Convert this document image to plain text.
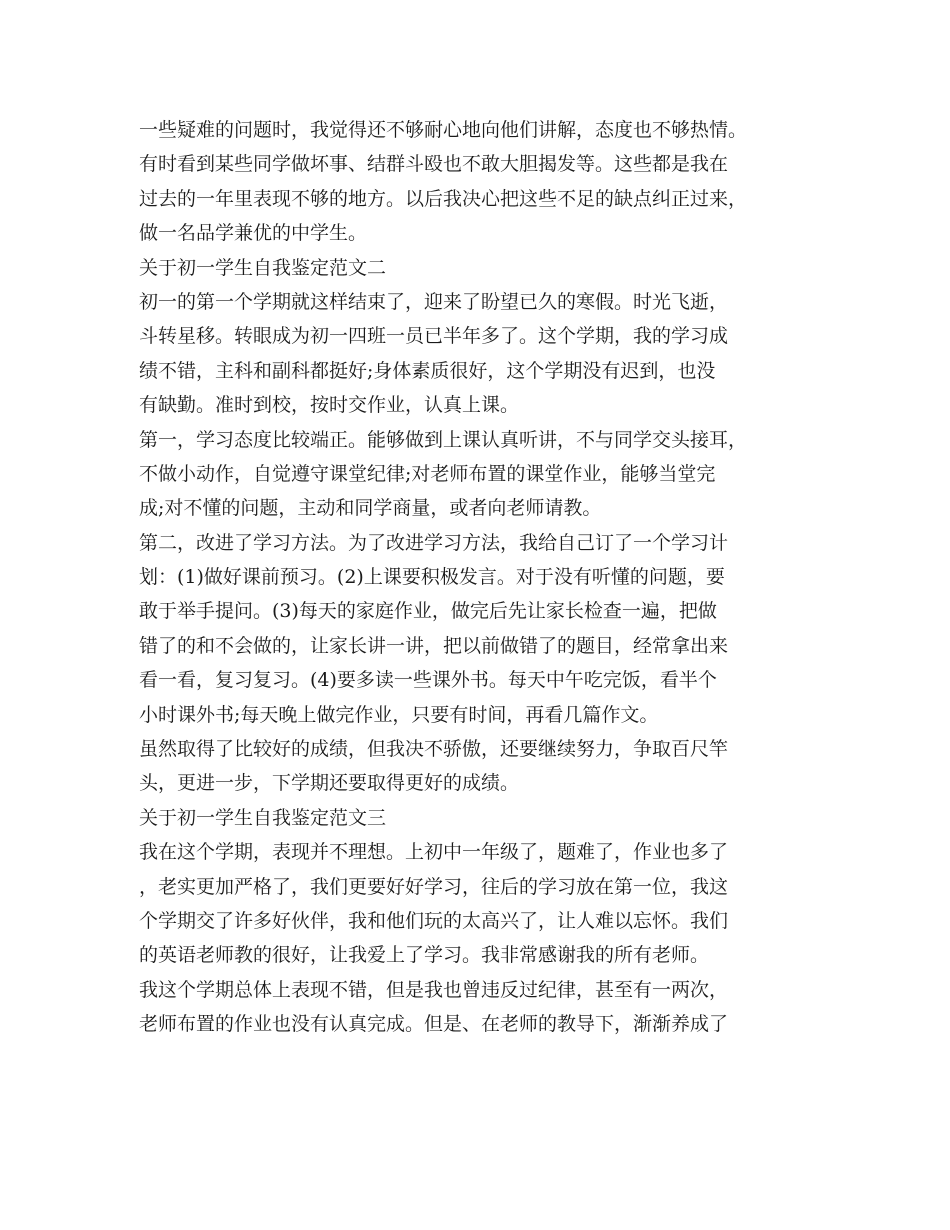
一些疑难的问题时，我觉得还不够耐心地向他们讲解，态度也不够热情。
有时看到某些同学做坏事、结群斗殴也不敢大胆揭发等。这些都是我在
过去的一年里表现不够的地方。以后我决心把这些不足的缺点纠正过来，
做一名品学兼优的中学生。
关于初一学生自我鉴定范文二
初一的第一个学期就这样结束了，迎来了盼望已久的寒假。时光飞逝，
斗转星移。转眼成为初一四班一员已半年多了。这个学期，我的学习成
绩不错，主科和副科都挺好;身体素质很好，这个学期没有迟到，也没
有缺勤。准时到校，按时交作业，认真上课。
第一，学习态度比较端正。能够做到上课认真听讲，不与同学交头接耳，
不做小动作，自觉遵守课堂纪律;对老师布置的课堂作业，能够当堂完
成;对不懂的问题，主动和同学商量，或者向老师请教。
第二，改进了学习方法。为了改进学习方法，我给自己订了一个学习计
划：(1)做好课前预习。(2)上课要积极发言。对于没有听懂的问题，要
敢于举手提问。(3)每天的家庭作业，做完后先让家长检查一遍，把做
错了的和不会做的，让家长讲一讲，把以前做错了的题目，经常拿出来
看一看，复习复习。(4)要多读一些课外书。每天中午吃完饭，看半个
小时课外书;每天晚上做完作业，只要有时间，再看几篇作文。
虽然取得了比较好的成绩，但我决不骄傲，还要继续努力，争取百尺竿
头，更进一步，下学期还要取得更好的成绩。
关于初一学生自我鉴定范文三
我在这个学期，表现并不理想。上初中一年级了，题难了，作业也多了
，老实更加严格了，我们更要好好学习，往后的学习放在第一位，我这
个学期交了许多好伙伴，我和他们玩的太高兴了，让人难以忘怀。我们
的英语老师教的很好，让我爱上了学习。我非常感谢我的所有老师。
我这个学期总体上表现不错，但是我也曾违反过纪律，甚至有一两次，
老师布置的作业也没有认真完成。但是、在老师的教导下，渐渐养成了
